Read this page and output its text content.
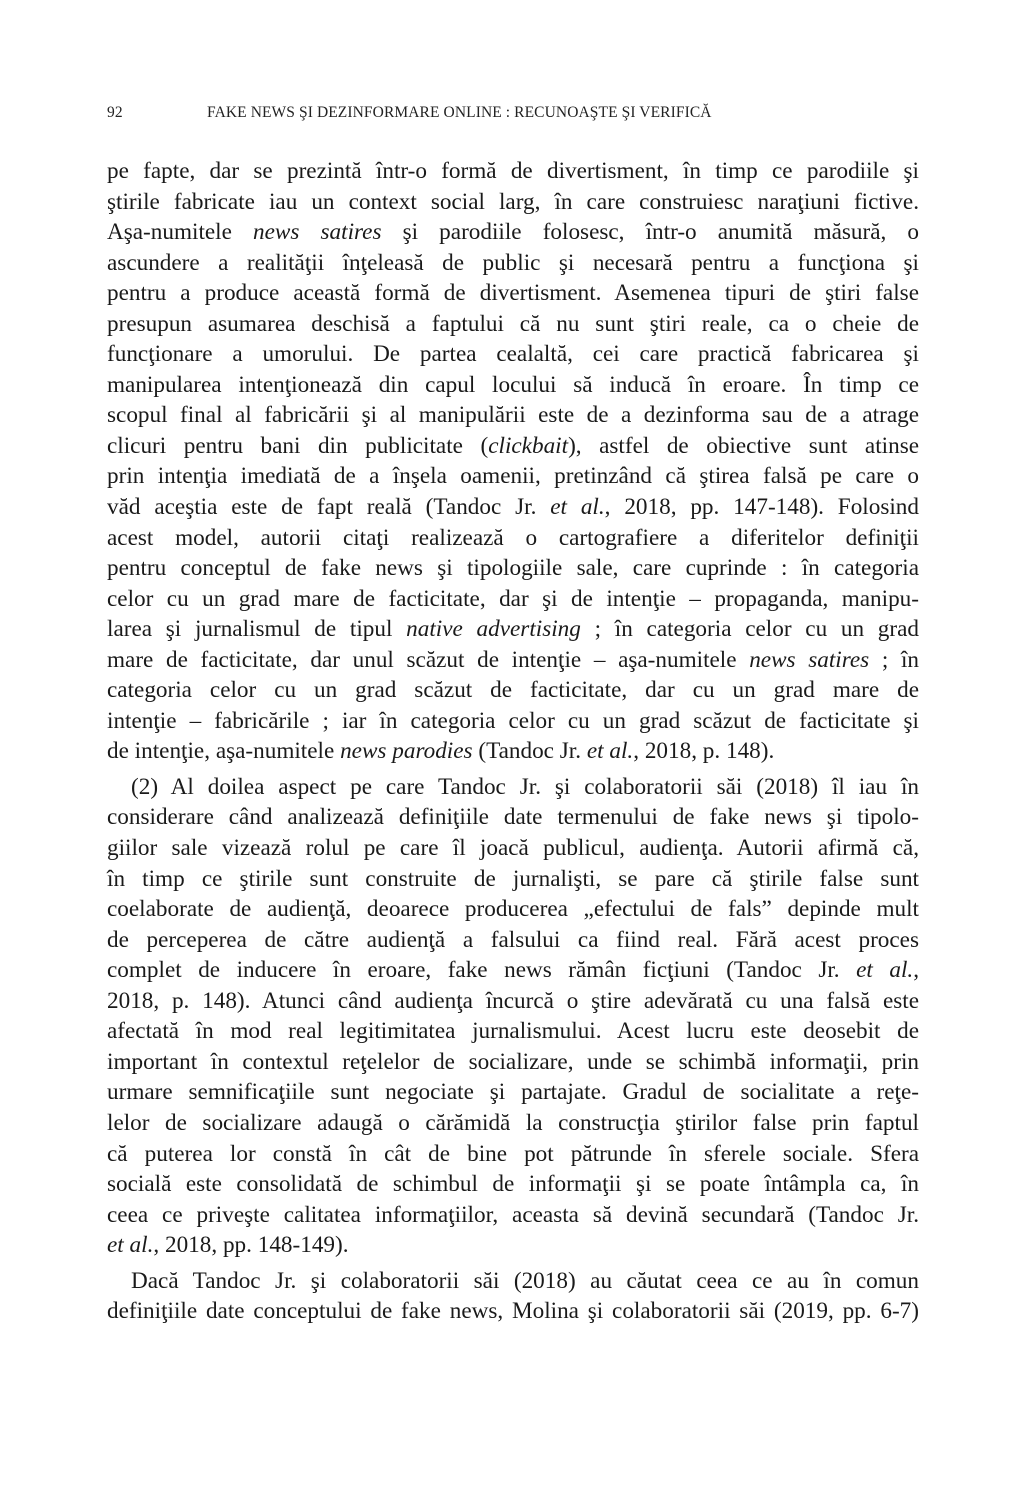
92	FAKE NEWS ŞI DEZINFORMARE ONLINE : RECUNOAŞTE ŞI VERIFICĂ
pe fapte, dar se prezintă într-o formă de divertisment, în timp ce parodiile şi
ştirile fabricate iau un context social larg, în care construiesc naraţiuni fictive.
Aşa-numitele news satires şi parodiile folosesc, într-o anumită măsură, o
ascundere a realităţii înţeleasă de public şi necesară pentru a funcţiona şi
pentru a produce această formă de divertisment. Asemenea tipuri de ştiri false
presupun asumarea deschisă a faptului că nu sunt ştiri reale, ca o cheie de
funcţionare a umorului. De partea cealaltă, cei care practică fabricarea şi
manipularea intenţionează din capul locului să inducă în eroare. În timp ce
scopul final al fabricării şi al manipulării este de a dezinforma sau de a atrage
clicuri pentru bani din publicitate (clickbait), astfel de obiective sunt atinse
prin intenţia imediată de a înşela oamenii, pretinzând că ştirea falsă pe care o
văd aceştia este de fapt reală (Tandoc Jr. et al., 2018, pp. 147-148). Folosind
acest model, autorii citaţi realizează o cartografiere a diferitelor definiţii
pentru conceptul de fake news şi tipologiile sale, care cuprinde : în categoria
celor cu un grad mare de facticitate, dar şi de intenţie – propaganda, manipu-
larea şi jurnalismul de tipul native advertising ; în categoria celor cu un grad
mare de facticitate, dar unul scăzut de intenţie – aşa-numitele news satires ; în
categoria celor cu un grad scăzut de facticitate, dar cu un grad mare de
intenţie – fabricările ; iar în categoria celor cu un grad scăzut de facticitate şi
de intenţie, aşa-numitele news parodies (Tandoc Jr. et al., 2018, p. 148).
(2) Al doilea aspect pe care Tandoc Jr. şi colaboratorii săi (2018) îl iau în
considerare când analizează definiţiile date termenului de fake news şi tipolo-
giilor sale vizează rolul pe care îl joacă publicul, audienţa. Autorii afirmă că,
în timp ce ştirile sunt construite de jurnalişti, se pare că ştirile false sunt
coelaborate de audienţă, deoarece producerea „efectului de fals” depinde mult
de perceperea de către audienţă a falsului ca fiind real. Fără acest proces
complet de inducere în eroare, fake news rămân ficţiuni (Tandoc Jr. et al.,
2018, p. 148). Atunci când audienţa încurcă o ştire adevărată cu una falsă este
afectată în mod real legitimitatea jurnalismului. Acest lucru este deosebit de
important în contextul reţelelor de socializare, unde se schimbă informaţii, prin
urmare semnificaţiile sunt negociate şi partajate. Gradul de socialitate a reţe-
lelor de socializare adaugă o cărămidă la construcţia ştirilor false prin faptul
că puterea lor constă în cât de bine pot pătrunde în sferele sociale. Sfera
socială este consolidată de schimbul de informaţii şi se poate întâmpla ca, în
ceea ce priveşte calitatea informaţiilor, aceasta să devină secundară (Tandoc Jr.
et al., 2018, pp. 148-149).
Dacă Tandoc Jr. şi colaboratorii săi (2018) au căutat ceea ce au în comun
definiţiile date conceptului de fake news, Molina şi colaboratorii săi (2019, pp. 6-7)
